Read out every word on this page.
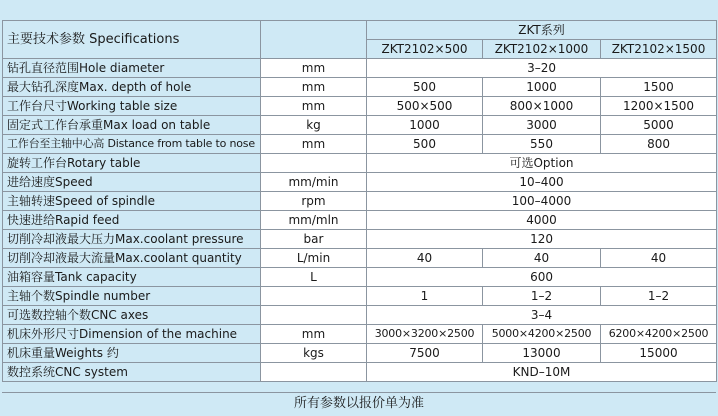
主要技术参数 Specifications		ZKT系列		
		ZKT2102×500	ZKT2102×1000	ZKT2102×1500
钻孔直径范围Hole diameter	mm	3–20		
最大钻孔深度Max. depth of hole	mm	500	1000	1500
工作台尺寸Working table size	mm	500×500	800×1000	1200×1500
固定式工作台承重Max load on table	kg	1000	3000	5000
工作台至主轴中心高 Distance from table to nose	mm	500	550	800
旋转工作台Rotary table		可选Option		
进给速度Speed	mm/min	10–400		
主轴转速Speed of spindle	rpm	100–4000		
快速进给Rapid feed	mm/mln	4000		
切削冷却液最大压力Max.coolant pressure	bar	120		
切削冷却液最大流量Max.coolant quantity	L/min	40	40	40
油箱容量Tank capacity	L	600		
主轴个数Spindle number		1	1–2	1–2
可选数控轴个数CNC axes		3–4		
机床外形尺寸Dimension of the machine	mm	3000×3200×2500	5000×4200×2500	6200×4200×2500
机床重量Weights 约	kgs	7500	13000	15000
数控系统CNC system		KND–10M		
所有参数以报价单为准
